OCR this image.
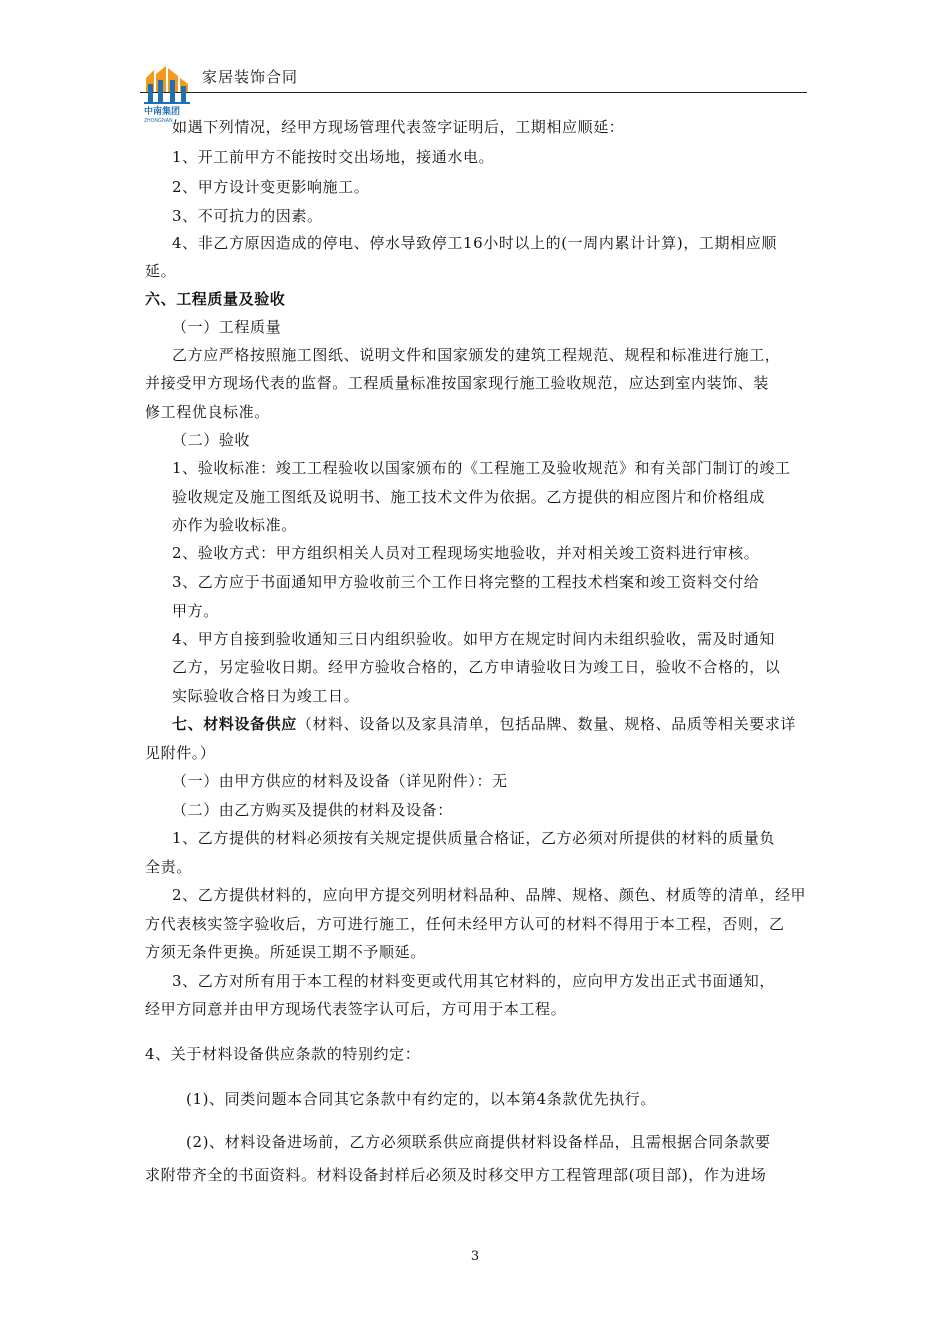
中南集团
ZHONGNAN
家居装饰合同
如遇下列情况，经甲方现场管理代表签字证明后，工期相应顺延：
1、开工前甲方不能按时交出场地，接通水电。
2、甲方设计变更影响施工。
3、不可抗力的因素。
4、非乙方原因造成的停电、停水导致停工16小时以上的(一周内累计计算)，工期相应顺
延。
六、工程质量及验收
（一）工程质量
乙方应严格按照施工图纸、说明文件和国家颁发的建筑工程规范、规程和标准进行施工，
并接受甲方现场代表的监督。工程质量标准按国家现行施工验收规范，应达到室内装饰、装
修工程优良标准。
（二）验收
1、验收标准：竣工工程验收以国家颁布的《工程施工及验收规范》和有关部门制订的竣工
验收规定及施工图纸及说明书、施工技术文件为依据。乙方提供的相应图片和价格组成
亦作为验收标准。
2、验收方式：甲方组织相关人员对工程现场实地验收，并对相关竣工资料进行审核。
3、乙方应于书面通知甲方验收前三个工作日将完整的工程技术档案和竣工资料交付给
甲方。
4、甲方自接到验收通知三日内组织验收。如甲方在规定时间内未组织验收，需及时通知
乙方，另定验收日期。经甲方验收合格的，乙方申请验收日为竣工日，验收不合格的，以
实际验收合格日为竣工日。
七、材料设备供应（材料、设备以及家具清单，包括品牌、数量、规格、品质等相关要求详
见附件。）
（一）由甲方供应的材料及设备（详见附件）：无
（二）由乙方购买及提供的材料及设备：
1、乙方提供的材料必须按有关规定提供质量合格证，乙方必须对所提供的材料的质量负
全责。
2、乙方提供材料的，应向甲方提交列明材料品种、品牌、规格、颜色、材质等的清单，经甲
方代表核实签字验收后，方可进行施工，任何未经甲方认可的材料不得用于本工程，否则，乙
方须无条件更换。所延误工期不予顺延。
3、乙方对所有用于本工程的材料变更或代用其它材料的，应向甲方发出正式书面通知，
经甲方同意并由甲方现场代表签字认可后，方可用于本工程。
4、关于材料设备供应条款的特别约定：
(1)、同类问题本合同其它条款中有约定的，以本第4条款优先执行。
(2)、材料设备进场前，乙方必须联系供应商提供材料设备样品，且需根据合同条款要
求附带齐全的书面资料。材料设备封样后必须及时移交甲方工程管理部(项目部)，作为进场
3
